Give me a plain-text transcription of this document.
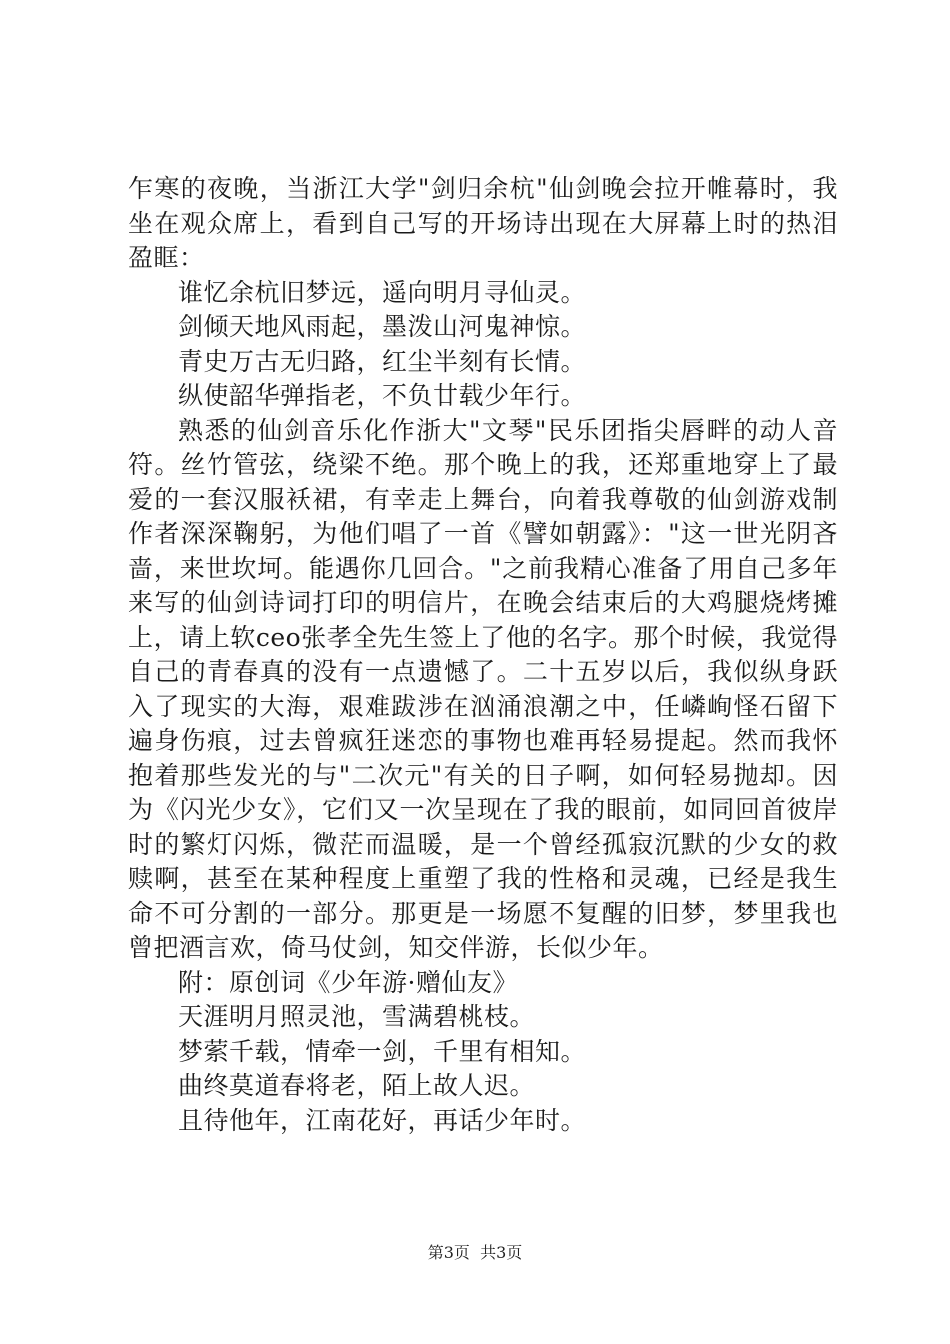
乍寒的夜晚，当浙江大学"剑归余杭"仙剑晚会拉开帷幕时，我坐在观众席上，看到自己写的开场诗出现在大屏幕上时的热泪盈眶：

谁忆余杭旧梦远，遥向明月寻仙灵。

剑倾天地风雨起，墨泼山河鬼神惊。

青史万古无归路，红尘半刻有长情。

纵使韶华弹指老，不负廿载少年行。

熟悉的仙剑音乐化作浙大"文琴"民乐团指尖唇畔的动人音符。丝竹管弦，绕梁不绝。那个晚上的我，还郑重地穿上了最爱的一套汉服袄裙，有幸走上舞台，向着我尊敬的仙剑游戏制作者深深鞠躬，为他们唱了一首《譬如朝露》："这一世光阴吝啬，来世坎坷。能遇你几回合。"之前我精心准备了用自己多年来写的仙剑诗词打印的明信片，在晚会结束后的大鸡腿烧烤摊上，请上软ceo张孝全先生签上了他的名字。那个时候，我觉得自己的青春真的没有一点遗憾了。二十五岁以后，我似纵身跃入了现实的大海，艰难跋涉在汹涌浪潮之中，任嶙峋怪石留下遍身伤痕，过去曾疯狂迷恋的事物也难再轻易提起。然而我怀抱着那些发光的与"二次元"有关的日子啊，如何轻易抛却。因为《闪光少女》，它们又一次呈现在了我的眼前，如同回首彼岸时的繁灯闪烁，微茫而温暖，是一个曾经孤寂沉默的少女的救赎啊，甚至在某种程度上重塑了我的性格和灵魂，已经是我生命不可分割的一部分。那更是一场愿不复醒的旧梦，梦里我也曾把酒言欢，倚马仗剑，知交伴游，长似少年。

附：原创词《少年游·赠仙友》

天涯明月照灵池，雪满碧桃枝。

梦萦千载，情牵一剑，千里有相知。

曲终莫道春将老，陌上故人迟。

且待他年，江南花好，再话少年时。

第3页  共3页
